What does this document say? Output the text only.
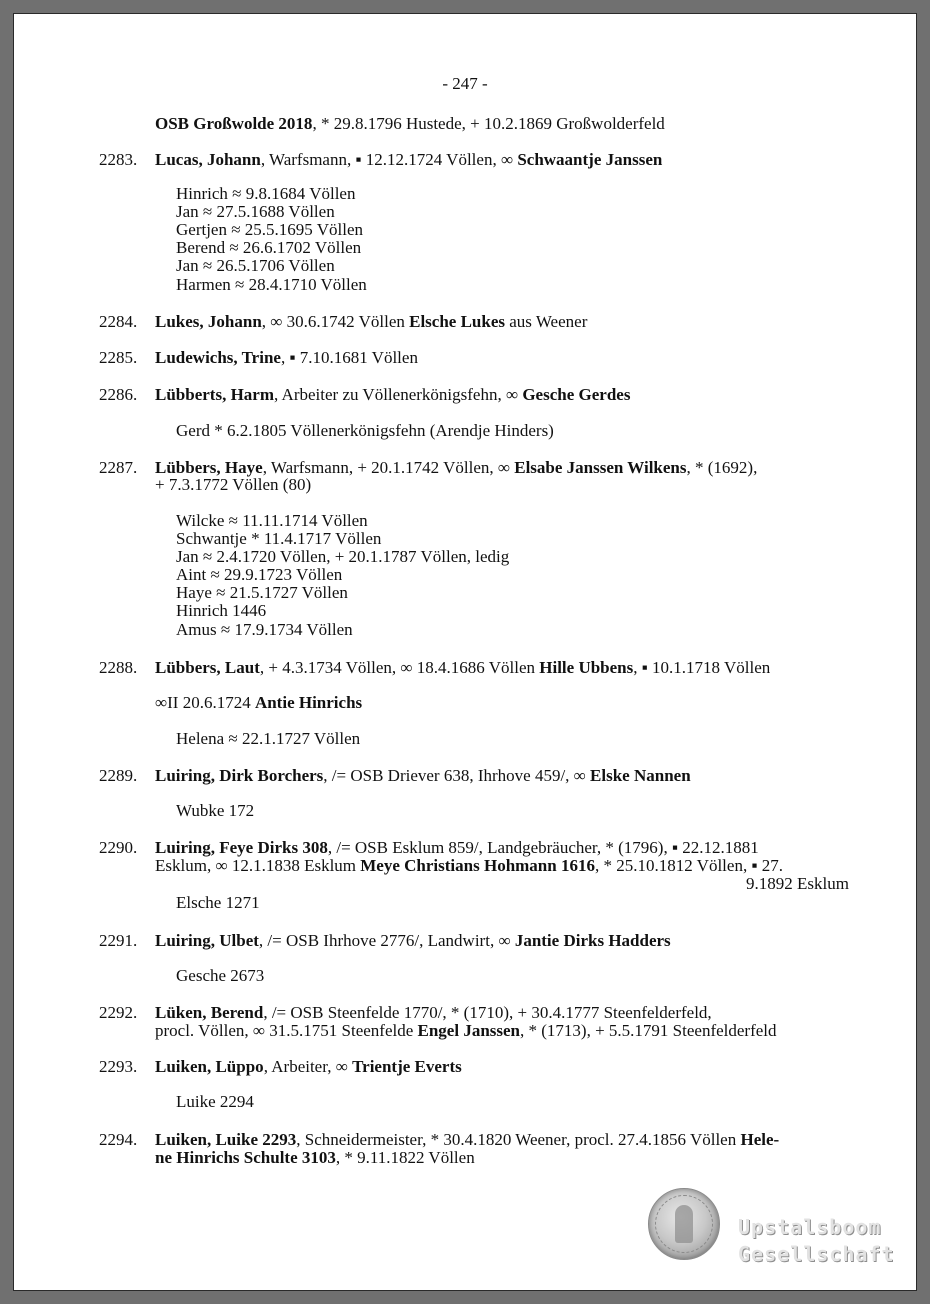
- 247 -
OSB Großwolde 2018, * 29.8.1796 Hustede, + 10.2.1869 Großwolderfeld
2283. Lucas, Johann, Warfsmann, ▪ 12.12.1724 Völlen, ∞ Schwaantje Janssen
Hinrich ≈ 9.8.1684 Völlen
Jan ≈ 27.5.1688 Völlen
Gertjen ≈ 25.5.1695 Völlen
Berend ≈ 26.6.1702 Völlen
Jan ≈ 26.5.1706 Völlen
Harmen ≈ 28.4.1710 Völlen
2284. Lukes, Johann, ∞ 30.6.1742 Völlen Elsche Lukes aus Weener
2285. Ludewichs, Trine, ▪ 7.10.1681 Völlen
2286. Lübberts, Harm, Arbeiter zu Völlenerkönigsfehn, ∞ Gesche Gerdes
Gerd * 6.2.1805 Völlenerkönigsfehn (Arendje Hinders)
2287. Lübbers, Haye, Warfsmann, + 20.1.1742 Völlen, ∞ Elsabe Janssen Wilkens, * (1692),
+ 7.3.1772 Völlen (80)
Wilcke ≈ 11.11.1714 Völlen
Schwantje * 11.4.1717 Völlen
Jan ≈ 2.4.1720 Völlen, + 20.1.1787 Völlen, ledig
Aint ≈ 29.9.1723 Völlen
Haye ≈ 21.5.1727 Völlen
Hinrich 1446
Amus ≈ 17.9.1734 Völlen
2288. Lübbers, Laut, + 4.3.1734 Völlen, ∞ 18.4.1686 Völlen Hille Ubbens, ▪ 10.1.1718 Völlen
∞II 20.6.1724 Antie Hinrichs
Helena ≈ 22.1.1727 Völlen
2289. Luiring, Dirk Borchers, /= OSB Driever 638, Ihrhove 459/, ∞ Elske Nannen
Wubke 172
2290. Luiring, Feye Dirks 308, /= OSB Esklum 859/, Landgebräucher, * (1796), ▪ 22.12.1881
Esklum, ∞ 12.1.1838 Esklum Meye Christians Hohmann 1616, * 25.10.1812 Völlen, ▪ 27.
9.1892 Esklum
Elsche 1271
2291. Luiring, Ulbet, /= OSB Ihrhove 2776/, Landwirt, ∞ Jantie Dirks Hadders
Gesche 2673
2292. Lüken, Berend, /= OSB Steenfelde 1770/, * (1710), + 30.4.1777 Steenfelderfeld,
procl. Völlen, ∞ 31.5.1751 Steenfelde Engel Janssen, * (1713), + 5.5.1791 Steenfelderfeld
2293. Luiken, Lüppo, Arbeiter, ∞ Trientje Everts
Luike 2294
2294. Luiken, Luike 2293, Schneidermeister, * 30.4.1820 Weener, procl. 27.4.1856 Völlen Hele-
ne Hinrichs Schulte 3103, * 9.11.1822 Völlen
Upstalsboom
Gesellschaft
